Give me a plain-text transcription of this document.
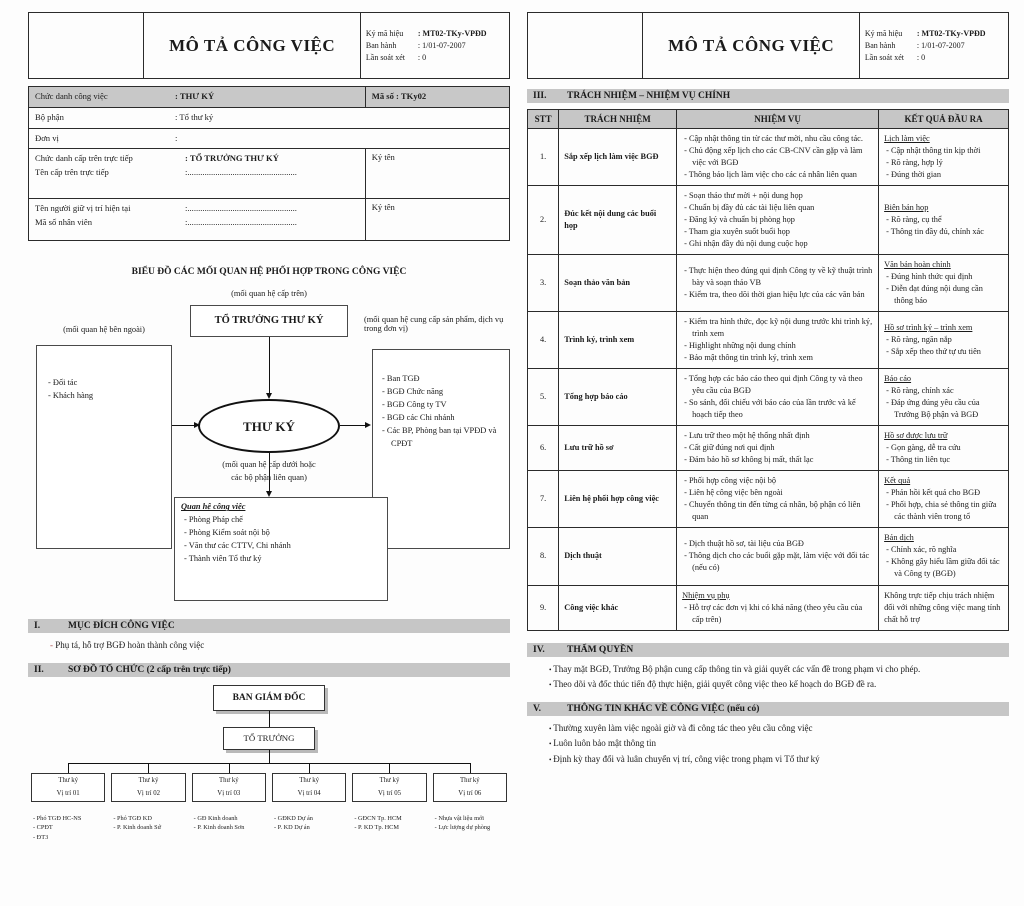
	MÔ TẢ CÔNG VIỆC	
Ký mã hiệu	: MT02-TKy-VPĐD
Ban hành	: 1/01-07-2007
Lần soát xét	: 0
Chức danh công việc : THƯ KÝ	Mã số : TKy02

Bộ phận : Tổ thư ký	

Đơn vị :	

Chức danh cấp trên trực tiếp : TỔ TRƯỞNG THƯ KÝ
Tên cấp trên trực tiếp :...................................................	Ký tên

Tên người giữ vị trí hiện tại :...................................................
Mã số nhân viên :...................................................	Ký tên
BIỂU ĐỒ CÁC MỐI QUAN HỆ PHỐI HỢP TRONG CÔNG VIỆC
(mối quan hệ cấp trên)
TỔ TRƯỞNG THƯ KÝ
(mối quan hệ bên ngoài)
- Đối tác
- Khách hàng
(mối quan hệ cung cấp sản phẩm, dịch vụ trong đơn vị)
- Ban TGĐ
- BGĐ Chức năng
- BGĐ Công ty TV
- BGĐ các Chi nhánh
- Các BP, Phòng ban tại VPĐD và CPĐT
THƯ KÝ
(mối quan hệ cấp dưới hoặc
các bộ phận liên quan)
Quan hệ công việc
- Phòng Pháp chế
- Phòng Kiểm soát nội bộ
- Văn thư các CTTV, Chi nhánh
- Thành viên Tổ thư ký
I.	MỤC ĐÍCH CÔNG VIỆC
- Phụ tá, hỗ trợ BGĐ hoàn thành công việc
II.	SƠ ĐỒ TỔ CHỨC (2 cấp trên trực tiếp)
BAN GIÁM ĐỐC
TỔ TRƯỞNG
Thư ký
Vị trí 01
- Phó TGĐ HC-NS
- CPĐT
- ĐT3
Thư ký
Vị trí 02
- Phó TGĐ KD
- P. Kinh doanh Sứ
Thư ký
Vị trí 03
- GĐ Kinh doanh
- P. Kinh doanh Sơn
Thư ký
Vị trí 04
- GĐKD Dự án
- P. KD Dự án
Thư ký
Vị trí 05
- GĐCN Tp. HCM
- P. KD Tp. HCM
Thư ký
Vị trí 06
- Nhựa vật liệu mới
- Lực lượng dự phòng
	MÔ TẢ CÔNG VIỆC	
Ký mã hiệu	: MT02-TKy-VPĐD
Ban hành	: 1/01-07-2007
Lần soát xét	: 0
III.	TRÁCH NHIỆM – NHIỆM VỤ CHÍNH
STT	TRÁCH NHIỆM	NHIỆM VỤ	KẾT QUẢ ĐẦU RA
1.	Sắp xếp lịch làm việc BGĐ	
- Cập nhật thông tin từ các thư mời, nhu cầu công tác.
- Chủ động xếp lịch cho các CB-CNV cần gặp và làm việc với BGĐ
- Thông báo lịch làm việc cho các cá nhân liên quan

Lịch làm việc
- Cập nhật thông tin kịp thời
- Rõ ràng, hợp lý
- Đúng thời gian

2.	Đúc kết nội dung các buổi họp	
- Soạn thảo thư mời + nội dung họp
- Chuẩn bị đầy đủ các tài liệu liên quan
- Đăng ký và chuẩn bị phòng họp
- Tham gia xuyên suốt buổi họp
- Ghi nhận đầy đủ nội dung cuộc họp

Biên bản họp
- Rõ ràng, cụ thể
- Thông tin đầy đủ, chính xác

3.	Soạn thảo văn bản	
- Thực hiện theo đúng qui định Công ty về kỹ thuật trình bày và soạn thảo VB
- Kiểm tra, theo dõi thời gian hiệu lực của các văn bản

Văn bản hoàn chỉnh
- Đúng hình thức qui định
- Diễn đạt đúng nội dung cần thông báo

4.	Trình ký, trình xem	
- Kiểm tra hình thức, đọc kỹ nội dung trước khi trình ký, trình xem
- Highlight những nội dung chính
- Bảo mật thông tin trình ký, trình xem

Hồ sơ trình ký – trình xem
- Rõ ràng, ngăn nắp
- Sắp xếp theo thứ tự ưu tiên

5.	Tổng hợp báo cáo	
- Tổng hợp các báo cáo theo qui định Công ty và theo yêu cầu của BGĐ
- So sánh, đối chiếu với báo cáo của lần trước và kế hoạch tiếp theo

Báo cáo
- Rõ ràng, chính xác
- Đáp ứng đúng yêu cầu của Trưởng Bộ phận và BGĐ

6.	Lưu trữ hồ sơ	
- Lưu trữ theo một hệ thống nhất định
- Cất giữ đúng nơi qui định
- Đảm bảo hồ sơ không bị mất, thất lạc

Hồ sơ được lưu trữ
- Gọn gàng, dễ tra cứu
- Thông tin liên tục

7.	Liên hệ phối hợp công việc	
- Phối hợp công việc nội bộ
- Liên hệ công việc bên ngoài
- Chuyển thông tin đến từng cá nhân, bộ phận có liên quan

Kết quả
- Phản hồi kết quả cho BGĐ
- Phối hợp, chia sẻ thông tin giữa các thành viên trong tổ

8.	Dịch thuật	
- Dịch thuật hồ sơ, tài liệu của BGĐ
- Thông dịch cho các buổi gặp mặt, làm việc với đối tác (nếu có)

Bản dịch
- Chính xác, rõ nghĩa
- Không gây hiểu lầm giữa đối tác và Công ty (BGĐ)

9.	Công việc khác	Nhiệm vụ phụ
- Hỗ trợ các đơn vị khi có khả năng (theo yêu cầu của cấp trên)	Không trực tiếp chịu trách nhiệm đối với những công việc mang tính chất hỗ trợ
IV.	THẨM QUYỀN
• Thay mặt BGĐ, Trưởng Bộ phận cung cấp thông tin và giải quyết các vấn đề trong phạm vi cho phép.
• Theo dõi và đốc thúc tiến độ thực hiện, giải quyết công việc theo kế hoạch do BGĐ đề ra.
V.	THÔNG TIN KHÁC VỀ CÔNG VIỆC (nếu có)
• Thường xuyên làm việc ngoài giờ và đi công tác theo yêu cầu công việc
• Luôn luôn bảo mật thông tin
• Định kỳ thay đổi và luân chuyển vị trí, công việc trong phạm vi Tổ thư ký
